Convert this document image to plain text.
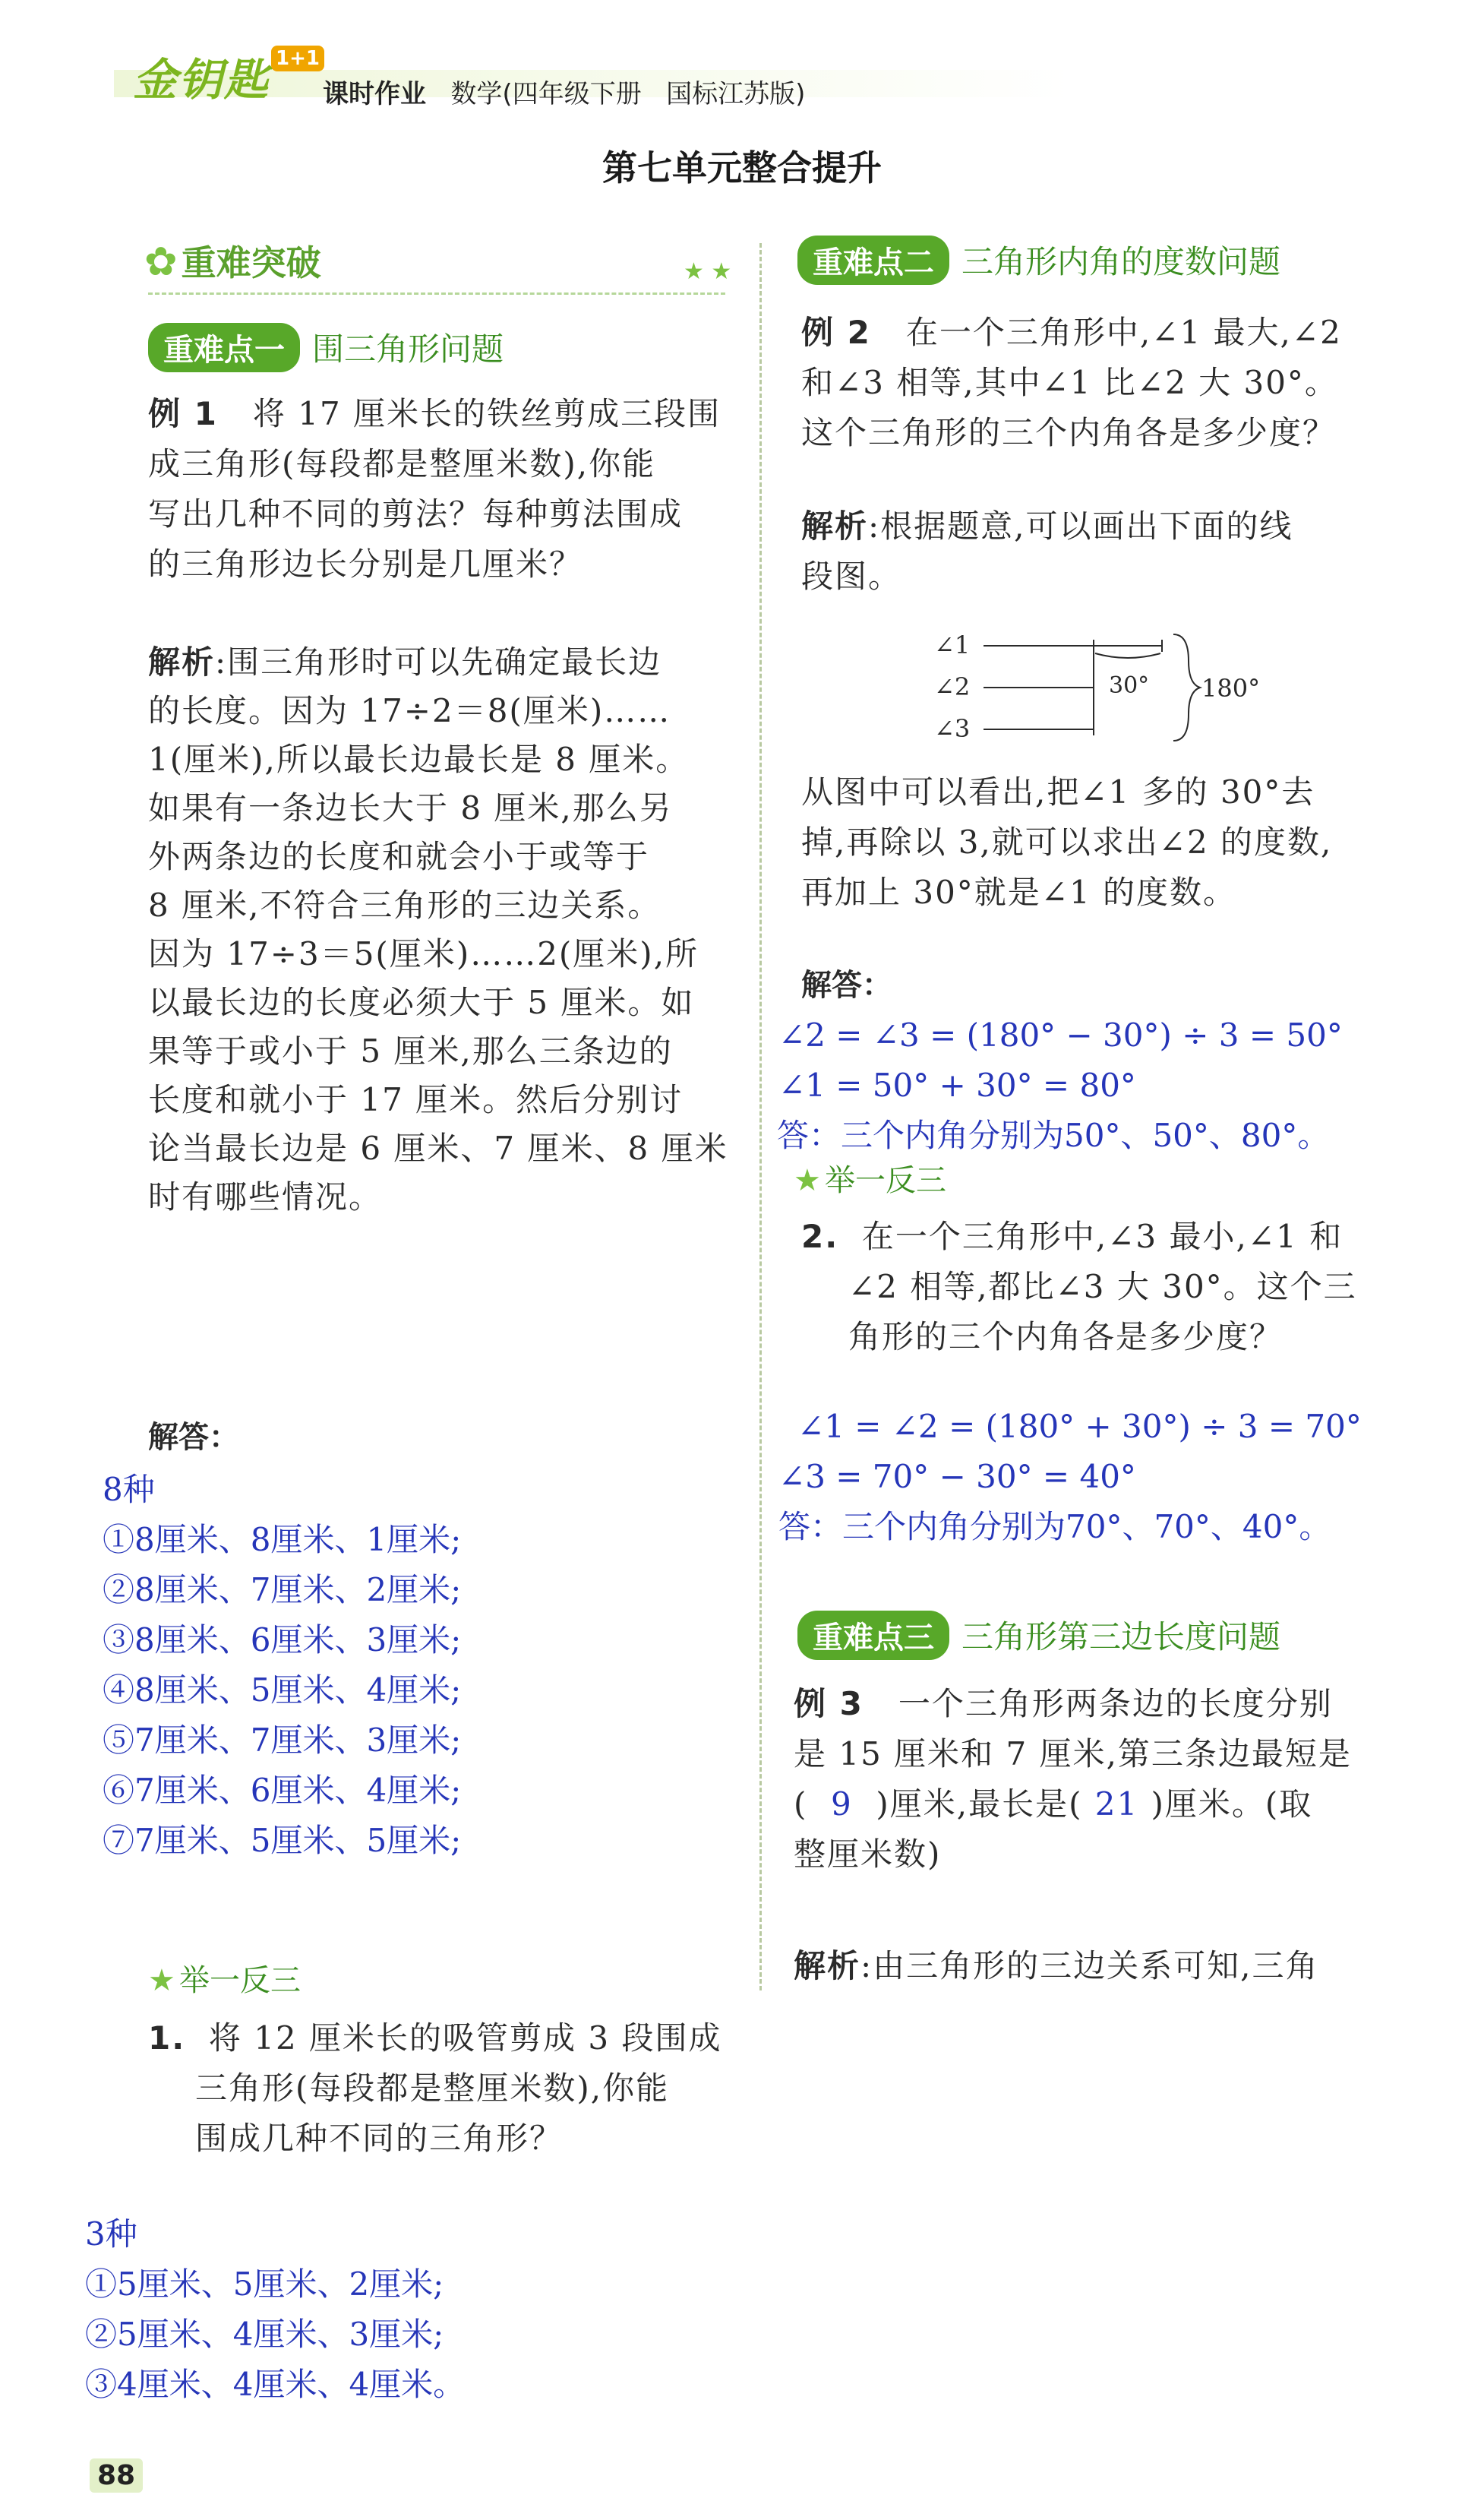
金钥匙 1+1
课时作业 数学(四年级下册 国标江苏版)
第七单元整合提升
✿ 重难突破	★ ★
重难点一 围三角形问题
例 1 将 17 厘米长的铁丝剪成三段围
成三角形(每段都是整厘米数),你能
写出几种不同的剪法？每种剪法围成
的三角形边长分别是几厘米？
解析:围三角形时可以先确定最长边
的长度。因为 17÷2＝8(厘米)……
1(厘米),所以最长边最长是 8 厘米。
如果有一条边长大于 8 厘米,那么另
外两条边的长度和就会小于或等于
8 厘米,不符合三角形的三边关系。
因为 17÷3＝5(厘米)……2(厘米),所
以最长边的长度必须大于 5 厘米。如
果等于或小于 5 厘米,那么三条边的
长度和就小于 17 厘米。然后分别讨
论当最长边是 6 厘米、7 厘米、8 厘米
时有哪些情况。
解答：
8种
①8厘米、8厘米、1厘米;
②8厘米、7厘米、2厘米;
③8厘米、6厘米、3厘米;
④8厘米、5厘米、4厘米;
⑤7厘米、7厘米、3厘米;
⑥7厘米、6厘米、4厘米;
⑦7厘米、5厘米、5厘米;
★ 举一反三
1. 将 12 厘米长的吸管剪成 3 段围成
三角形(每段都是整厘米数),你能
围成几种不同的三角形？
3种
①5厘米、5厘米、2厘米;
②5厘米、4厘米、3厘米;
③4厘米、4厘米、4厘米。
重难点二 三角形内角的度数问题
例 2 在一个三角形中,∠1 最大,∠2
和∠3 相等,其中∠1 比∠2 大 30°。
这个三角形的三个内角各是多少度？
解析:根据题意,可以画出下面的线
段图。
∠1
∠2
∠3
30° 180°
从图中可以看出,把∠1 多的 30°去
掉,再除以 3,就可以求出∠2 的度数,
再加上 30°就是∠1 的度数。
解答：
∠2 = ∠3 = (180° − 30°) ÷ 3 = 50°
∠1 = 50° + 30° = 80°
答：三个内角分别为50°、50°、80°。
★ 举一反三
2. 在一个三角形中,∠3 最小,∠1 和
∠2 相等,都比∠3 大 30°。这个三
角形的三个内角各是多少度？
∠1 = ∠2 = (180° + 30°) ÷ 3 = 70°
∠3 = 70° − 30° = 40°
答：三个内角分别为70°、70°、40°。
重难点三 三角形第三边长度问题
例 3 一个三角形两条边的长度分别
是 15 厘米和 7 厘米,第三条边最短是
( 9 )厘米,最长是( 21 )厘米。(取
整厘米数)
解析:由三角形的三边关系可知,三角
88
